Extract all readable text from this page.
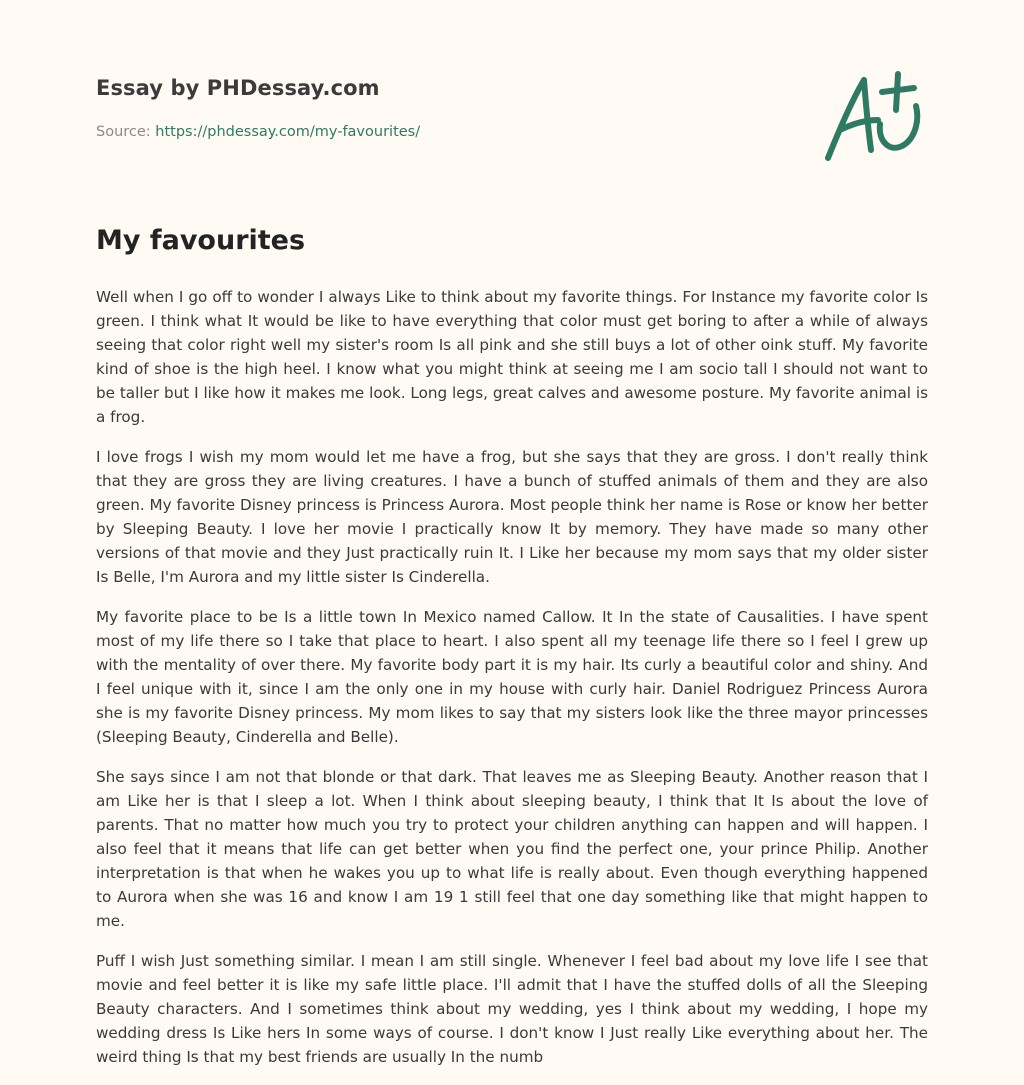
Essay by PHDessay.com
Source: https://phdessay.com/my-favourites/
My favourites

Well when I go off to wonder I always Like to think about my favorite things. For Instance my favorite color Is green. I think what It would be like to have everything that color must get boring to after a while of always seeing that color right well my sister's room Is all pink and she still buys a lot of other oink stuff. My favorite kind of shoe is the high heel. I know what you might think at seeing me I am socio tall I should not want to be taller but I like how it makes me look. Long legs, great calves and awesome posture. My favorite animal is a frog.

I love frogs I wish my mom would let me have a frog, but she says that they are gross. I don't really think that they are gross they are living creatures. I have a bunch of stuffed animals of them and they are also green. My favorite Disney princess is Princess Aurora. Most people think her name is Rose or know her better by Sleeping Beauty. I love her movie I practically know It by memory. They have made so many other versions of that movie and they Just practically ruin It. I Like her because my mom says that my older sister Is Belle, I'm Aurora and my little sister Is Cinderella.

My favorite place to be Is a little town In Mexico named Callow. It In the state of Causalities. I have spent most of my life there so I take that place to heart. I also spent all my teenage life there so I feel I grew up with the mentality of over there. My favorite body part it is my hair. Its curly a beautiful color and shiny. And I feel unique with it, since I am the only one in my house with curly hair. Daniel Rodriguez Princess Aurora she is my favorite Disney princess. My mom likes to say that my sisters look like the three mayor princesses (Sleeping Beauty, Cinderella and Belle).

She says since I am not that blonde or that dark. That leaves me as Sleeping Beauty. Another reason that I am Like her is that I sleep a lot. When I think about sleeping beauty, I think that It Is about the love of parents. That no matter how much you try to protect your children anything can happen and will happen. I also feel that it means that life can get better when you find the perfect one, your prince Philip. Another interpretation is that when he wakes you up to what life is really about. Even though everything happened to Aurora when she was 16 and know I am 19 1 still feel that one day something like that might happen to me.

Puff I wish Just something similar. I mean I am still single. Whenever I feel bad about my love life I see that movie and feel better it is like my safe little place. I'll admit that I have the stuffed dolls of all the Sleeping Beauty characters. And I sometimes think about my wedding, yes I think about my wedding, I hope my wedding dress Is Like hers In some ways of course. I don't know I Just really Like everything about her. The weird thing Is that my best friends are usually In the numb
